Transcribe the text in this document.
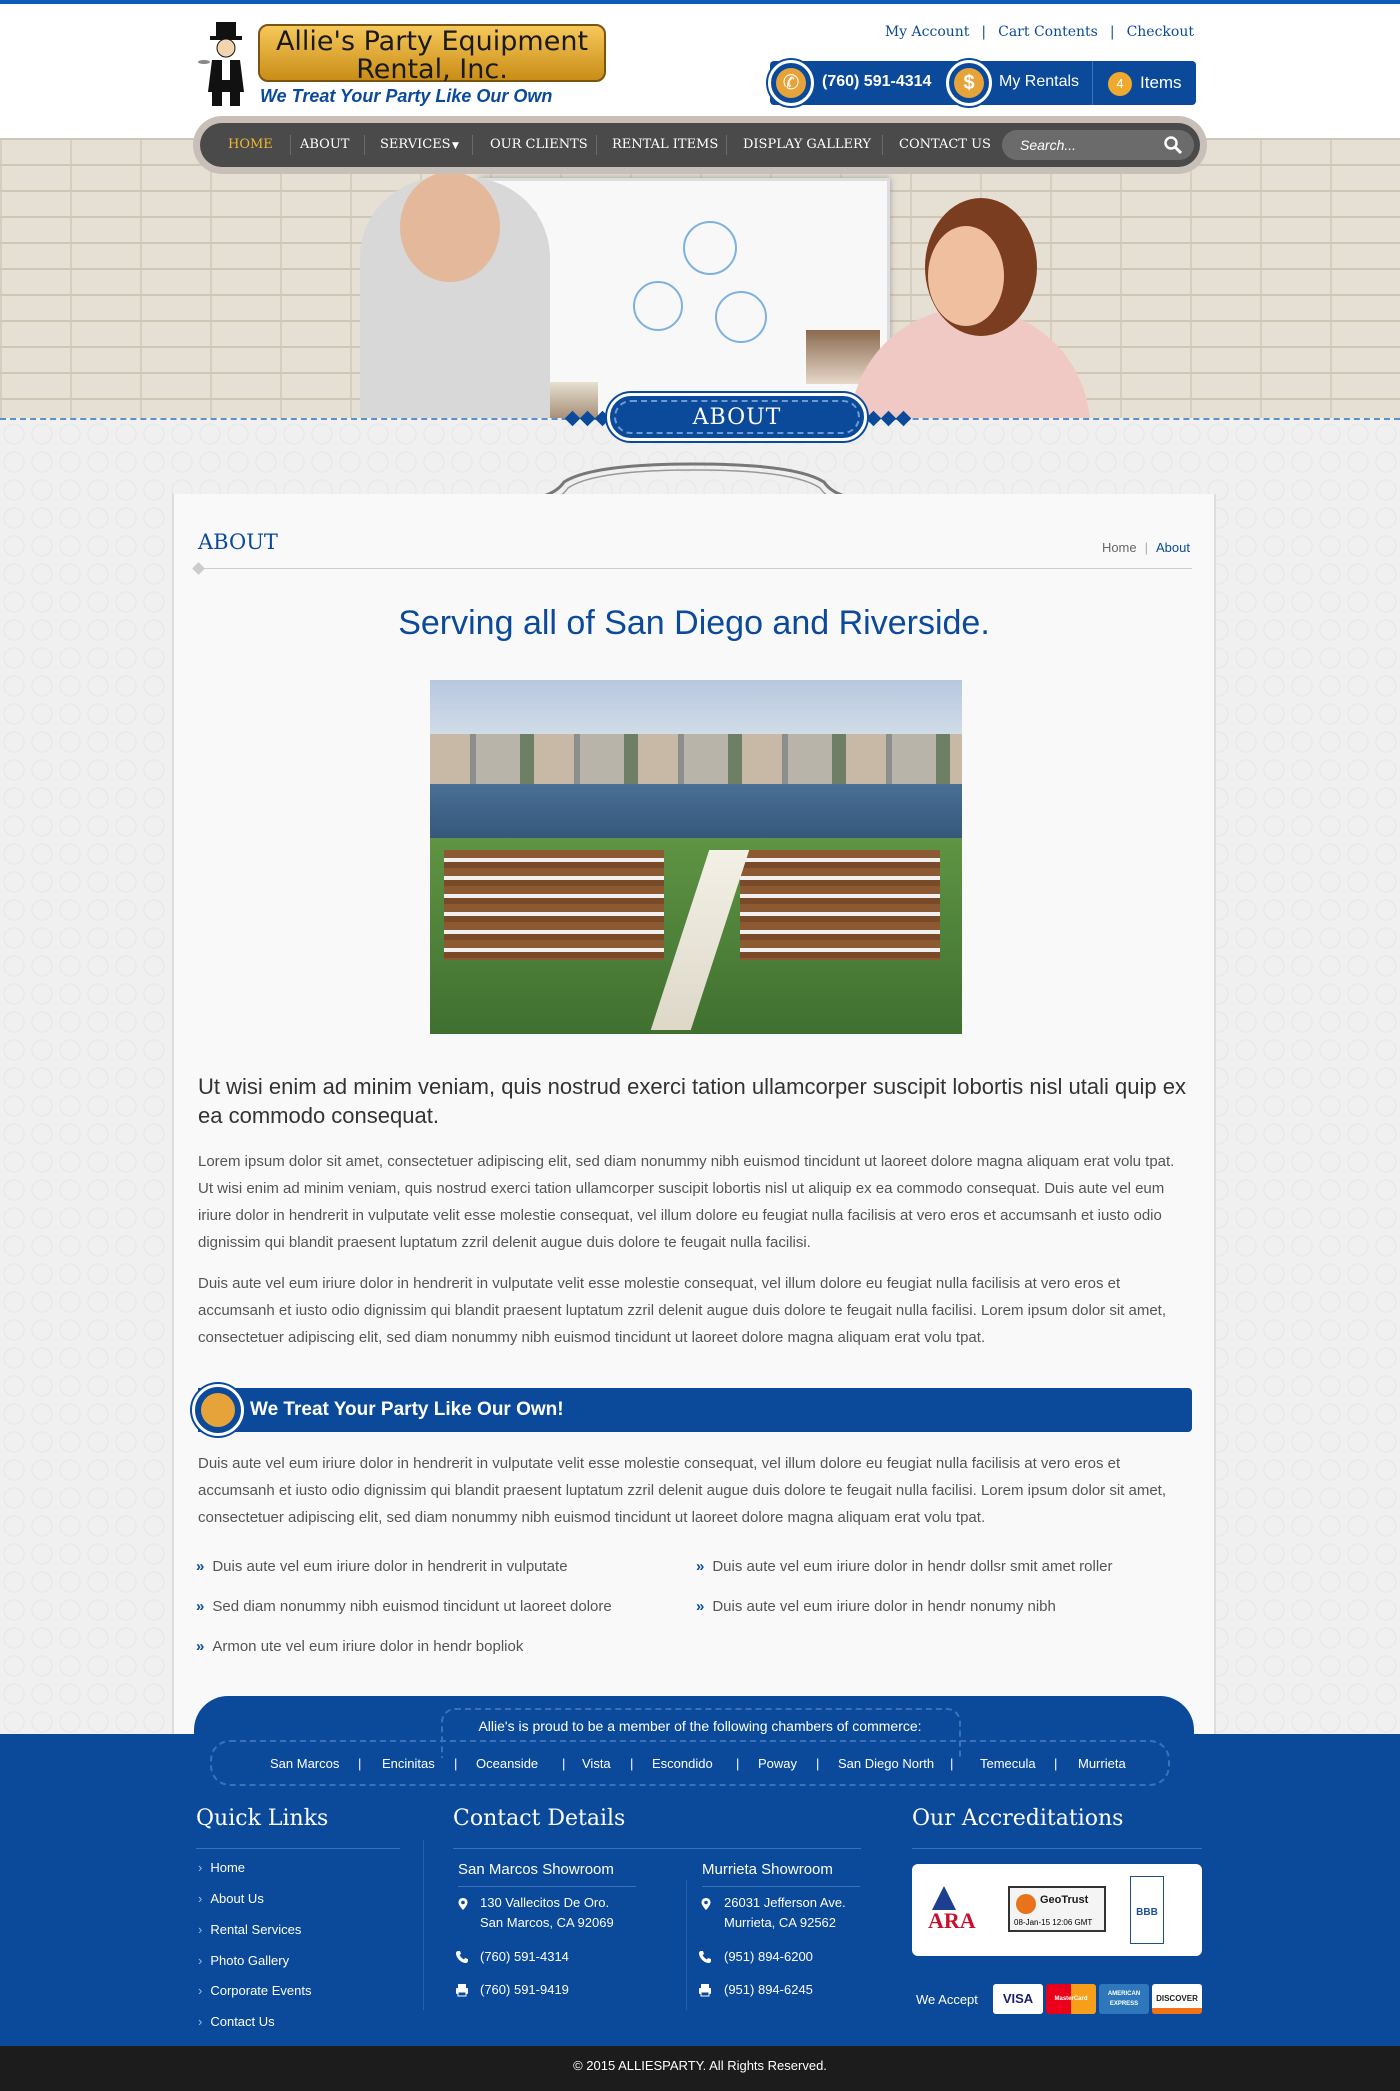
Allie's Party Equipment
Rental, Inc.
We Treat Your Party Like Our Own
My Account | Cart Contents | Checkout
✆	(760) 591-4314	$	My Rentals	4 Items
HOME ABOUT SERVICES ▼ OUR CLIENTS RENTAL ITEMS DISPLAY GALLERY CONTACT US
Search...
ABOUT
ABOUT	Home | About
Serving all of San Diego and Riverside.
Ut wisi enim ad minim veniam, quis nostrud exerci tation ullamcorper suscipit lobortis nisl utali quip ex ea commodo consequat.
Lorem ipsum dolor sit amet, consectetuer adipiscing elit, sed diam nonummy nibh euismod tincidunt ut laoreet dolore magna aliquam erat volu tpat. Ut wisi enim ad minim veniam, quis nostrud exerci tation ullamcorper suscipit lobortis nisl ut aliquip ex ea commodo consequat. Duis aute vel eum iriure dolor in hendrerit in vulputate velit esse molestie consequat, vel illum dolore eu feugiat nulla facilisis at vero eros et accumsanh et iusto odio dignissim qui blandit praesent luptatum zzril delenit augue duis dolore te feugait nulla facilisi.
Duis aute vel eum iriure dolor in hendrerit in vulputate velit esse molestie consequat, vel illum dolore eu feugiat nulla facilisis at vero eros et accumsanh et iusto odio dignissim qui blandit praesent luptatum zzril delenit augue duis dolore te feugait nulla facilisi. Lorem ipsum dolor sit amet, consectetuer adipiscing elit, sed diam nonummy nibh euismod tincidunt ut laoreet dolore magna aliquam erat volu tpat.
We Treat Your Party Like Our Own!
Duis aute vel eum iriure dolor in hendrerit in vulputate velit esse molestie consequat, vel illum dolore eu feugiat nulla facilisis at vero eros et accumsanh et iusto odio dignissim qui blandit praesent luptatum zzril delenit augue duis dolore te feugait nulla facilisi. Lorem ipsum dolor sit amet, consectetuer adipiscing elit, sed diam nonummy nibh euismod tincidunt ut laoreet dolore magna aliquam erat volu tpat.
» Duis aute vel eum iriure dolor in hendrerit in vulputate
» Sed diam nonummy nibh euismod tincidunt ut laoreet dolore
» Armon ute vel eum iriure dolor in hendr bopliok
» Duis aute vel eum iriure dolor in hendr dollsr smit amet roller
» Duis aute vel eum iriure dolor in hendr nonumy nibh
Allie's is proud to be a member of the following chambers of commerce:
San Marcos | Encinitas | Oceanside | Vista | Escondido | Poway | San Diego North | Temecula | Murrieta
Quick Links
› Home
› About Us
› Rental Services
› Photo Gallery
› Corporate Events
› Contact Us
Contact Details
San Marcos Showroom
130 Vallecitos De Oro.
San Marcos, CA 92069
(760) 591-4314
(760) 591-9419
Murrieta Showroom
26031 Jefferson Ave.
Murrieta, CA 92562
(951) 894-6200
(951) 894-6245
Our Accreditations
ARA
GeoTrust
08-Jan-15 12:06 GMT
BBB
We Accept	VISA	MasterCard
AMERICAN EXPRESS
DISCOVER
© 2015 ALLIESPARTY. All Rights Reserved.
